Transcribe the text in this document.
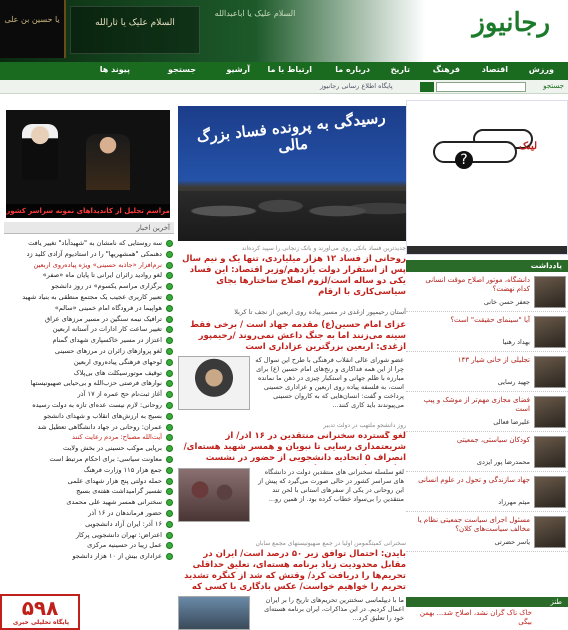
یا حسین بن علی	السلام علیک یا ثارالله
السلام علیک یا اباعبدالله	رجانیوز
ورزش
اقتصاد
فرهنگ
تاریخ
درباره ما
ارتباط با ما
آرشیو
جستجو
پیوند ها
جستجو
پایگاه اطلاع رسانی رجانیوز
?
لینک
یادداشت
دانشگاه، موتور اصلاح موقت انسانی کدام نهضت؟
جعفر حسن خانی
آیا "سینمای حقیقت" است؟
بهداد رهنیا
تجلیلی از خانی شیار ۱۴۳
جهید رسایی
فضای مجازی مهم‌تر از موشک و پیپ است
علیرضا فعالی
کودکان سیاستی، جمعیتی
محمدرضا پور ایزدی
جهاد سازندگی و تحول در علوم انسانی
میثم مهرزاد
مسئول اجرای سیاست جمعیتی نظام یا مخالف سیاست‌های کلان؟
یاسر حضرتی
رسیدگی به پرونده فساد بزرگ مالی
جدیدترین فساد بانکی روی می‌آورند و بانک زنجانی را سپید کرده‌اند
روحانی از فساد ۱۲ هزار میلیاردی، تنها یک و نیم سال پس از استقرار دولت یازدهم/وزیر اقتصاد: این فساد یکی دو ساله است/لزوم اصلاح ساختارها بجای سیاسی‌کاری با ارقام
آستان رحیمپور ازغدی در مسیر پیاده روی اربعین از نجف تا کربلا
عزای امام حسین(ع) مقدمه جهاد است / برخی فقط سینه می‌زنند اما به جنگ داعش نمی‌روند /رحیمپور ازغدی: اربعین بزرگترین عزاداری است
عضو شورای عالی انقلاب فرهنگی با طرح این سوال که چرا از این همه فداکاری و رنج‌های امام حسین (ع) برای مبارزه با ظلم جهانی و استکبار چیزی در ذهن ما نمانده است، به فلسفه پیاده روی اربعین و عزاداری حسینی پرداخت و گفت: انسان‌هایی که به کاروان حسینی می‌پیوندند باید کاری کنند...
روز دانشجو ملتهب در دولت تدبیر
لغو گسترده سخنرانی منتقدین در ۱۶ آذر/ از شریعتمداری رسایی تا نبویان و همسر شهید هسته‌ای/ انصراف ۵ اتحادیه دانشجویی از حضور در نشست
لغو سلسله سخنرانی های منتقدین دولت در دانشگاه های سراسر کشور در حالی صورت می‌گیرد که پیش از این روحانی در یکی از سفرهای استانی با لحن تند منتقدین را بی‌سواد خطاب کرده بود. از همین رو...
سخنرانی کمیتگمومن اولیا در جمع صهیونیستهای مجمع سابان
بایدن: احتمال توافق زیر ۵۰ درصد است/ ایران در مقابل محدودیت زیاد برنامه هسته‌ای، تعلیق حداقلی تحریم‌ها را دریافت کرد/ وقتش که شد از کنگره تشدید تحریم را خواهیم خواست/ عکس بادگاری با کسی که
ما با دیپلماسی سختترین تحریم‌های تاریخ را بر ایران اعمال کردیم. در این مذاکرات، ایران برنامه هسته‌ای خود را تعلیق کرد...
مراسم تجلیل از کاندیداهای نمونه سراسر کشور
آخرین اخبار
سه روستایی که نامشان به "شهیدآباد" تغییر یافت
دهنمکی "همشهریها" را در استادیوم آزادی کلید زد
نرم‌افزار «جاذبه حسینی» ویژه پیاده‌روی اربعین
لغو روادید زائران ایرانی تا پایان ماه «صفر»
برگزاری مراسم یکسوم» در روز دانشجو
تعبیر کاربری عجیب یک مجتمع منطقی به بنیاد شهید
هواپیما در فرودگاه امام خمینی «سالم»
ترافیک نیمه سنگین در مسیر مرزهای عراق
تغییر ساعت کار ادارات در آستانه اربعین
اعتزاز در مسیر خاکسپاری شهدای گمنام
لغو پروازهای زائران در مرزهای حسینی
لوحهای فرهنگی پیاده‌روی اربعین
توقیف موتورسیکلت های بی‌پلاک
نوارهای فرصتی حزب‌الله و بی‌حیایی صهیونیستها
آغاز ثبت‌نام حج عمره از ۱۷ آذر
روحانی: لازم نیست عده‌ای تازه به دولت رسیده
بسیج به ارزش‌های انقلاب و شهدای دانشجو
عمران: روحانی در جهاد دانشگاهی تعطیل شد
آیت‌الله مصباح: مردم رعایت کنند
برپایی موکب حسینی در بخش ولایت
معاونت سیاسی: برای احکام مرتبط است
جمع هزار ۱۱۵ وزارت فرهنگ
حمله دولتی پنج هزار شهدای علمی
تفسیر گرامیداشت هفته‌ی بسیج
سخنرانی همسر شهید علی محمدی
حضور فرماندهان در ۱۶ آذر
۱۶ آذر: ایران آزاد دانشجویی
اعتراض: تهران دانشجویی پرکار
عمل زیبا در حسینیه مرکزی
عزاداری بیش از ۱۰ هزار دانشجو
۵۹۸
پایگاه تحلیلی خبری
طنز
خاک ناک گران نشد، اصلاح شد... بهمن بیگی
